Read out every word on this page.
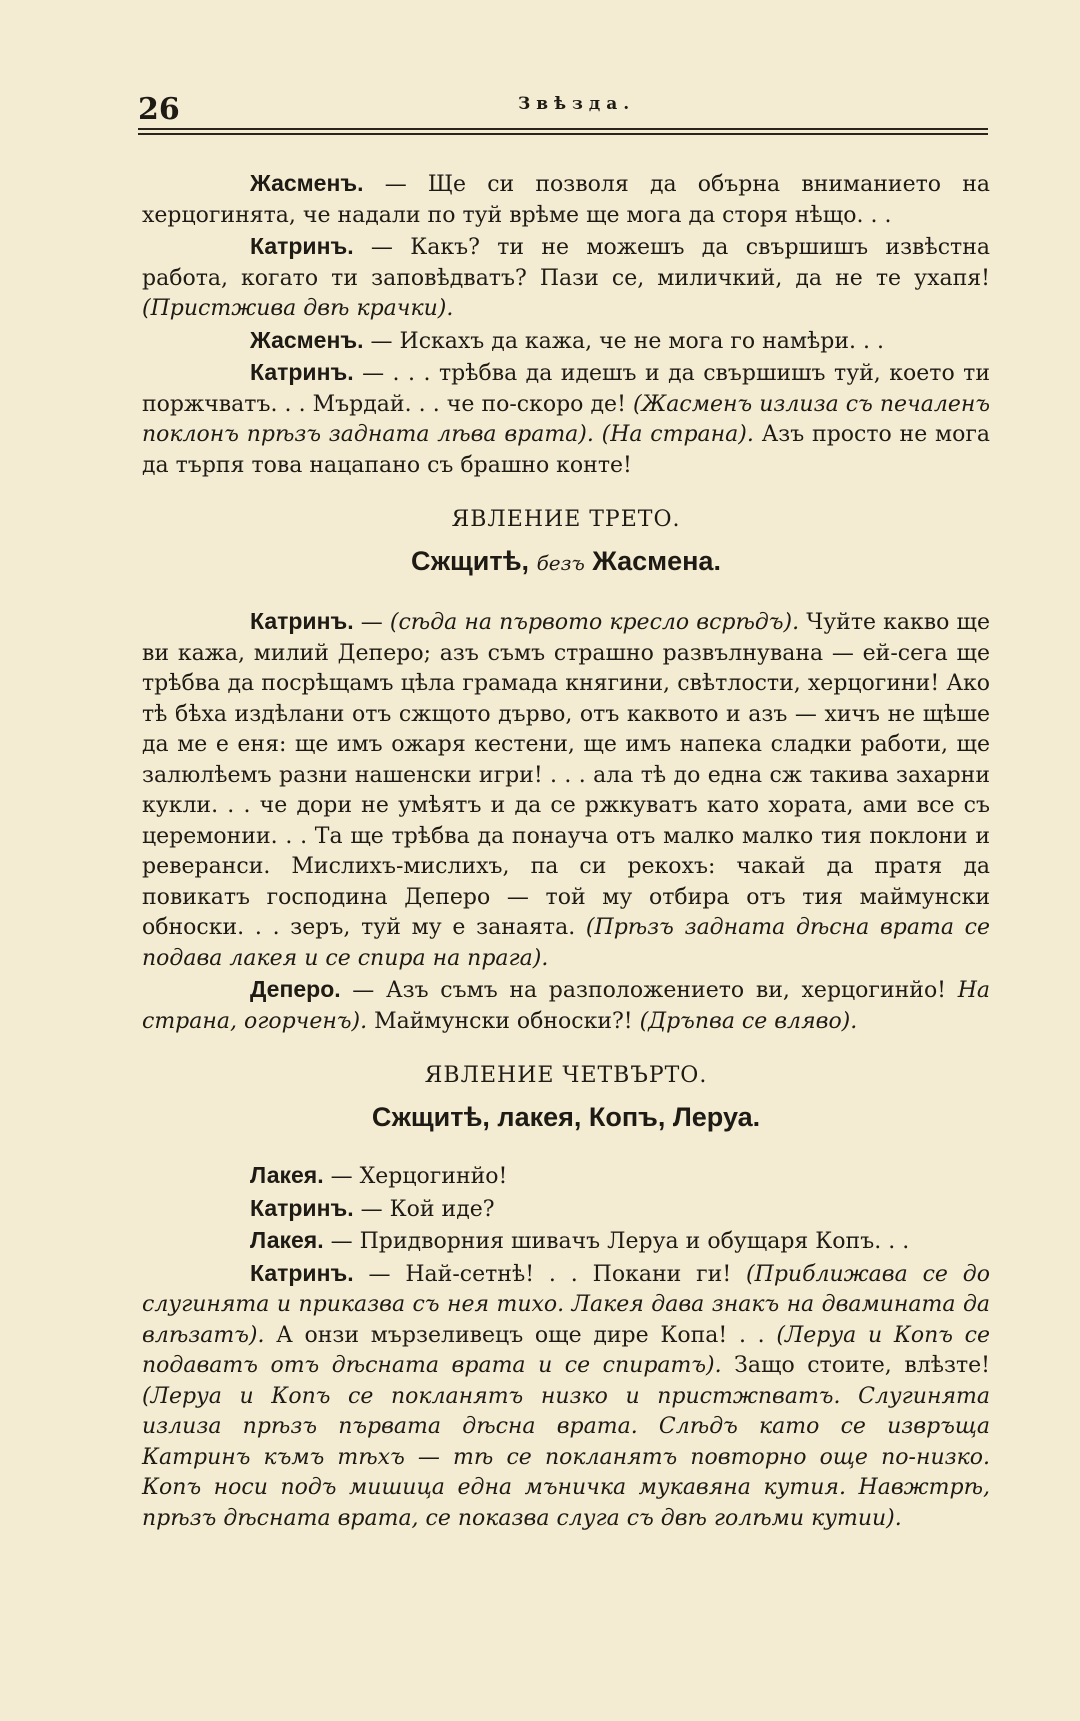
26	Звѣзда.

Жасменъ. — Ще си позволя да обърна вниманието на херцогинята, че надали по туй врѣме ще мога да сторя нѣщо. . .

Катринъ. — Какъ? ти не можешъ да свършишъ извѣстна работа, когато ти заповѣдватъ? Пази се, миличкий, да не те ухапя! (Пристжива двѣ крачки).

Жасменъ. — Искахъ да кажа, че не мога го намѣри. . .

Катринъ. — . . . трѣбва да идешъ и да свършишъ туй, което ти поржчватъ. . . Мърдай. . . че по-скоро де! (Жасменъ излиза съ печаленъ поклонъ прѣзъ задната лѣва врата). (На страна). Азъ просто не мога да търпя това нацапано съ брашно конте!

ЯВЛЕНИЕ ТРЕТО.
Сжщитѣ, безъ Жасмена.

Катринъ. — (сѣда на първото кресло всрѣдъ). Чуйте какво ще ви кажа, милий Деперо; азъ съмъ страшно развълнувана — ей-сега ще трѣбва да посрѣщамъ цѣла грамада княгини, свѣтлости, херцогини! Ако тѣ бѣха издѣлани отъ сжщото дърво, отъ каквото и азъ — хичъ не щѣше да ме е еня: ще имъ ожаря кестени, ще имъ напека сладки работи, ще залюлѣемъ разни нашенски игри! . . . ала тѣ до една сж такива захарни кукли. . . че дори не умѣятъ и да се ржкуватъ като хората, ами все съ церемонии. . . Та ще трѣбва да понауча отъ малко малко тия поклони и реверанси. Мислихъ-мислихъ, па си рекохъ: чакай да пратя да повикатъ господина Деперо — той му отбира отъ тия маймунски обноски. . . зеръ, туй му е занаята. (Прѣзъ задната дѣсна врата се подава лакея и се спира на прага).

Деперо. — Азъ съмъ на разположението ви, херцогинйо! На страна, огорченъ). Маймунски обноски?! (Дръпва се вляво).

ЯВЛЕНИЕ ЧЕТВЪРТО.
Сжщитѣ, лакея, Копъ, Леруа.

Лакея. — Херцогинйо!

Катринъ. — Кой иде?

Лакея. — Придворния шивачъ Леруа и обущаря Копъ. . .

Катринъ. — Най-сетнѣ! . . Покани ги! (Приближава се до слугинята и приказва съ нея тихо. Лакея дава знакъ на двамината да влѣзатъ). А онзи мързеливецъ още дире Копа! . . (Леруа и Копъ се подаватъ отъ дѣсната врата и се спиратъ). Защо стоите, влѣзте! (Леруа и Копъ се покланятъ низко и пристжпватъ. Слугинята излиза прѣзъ първата дѣсна врата. Слѣдъ като се извръща Катринъ къмъ тѣхъ — тѣ се покланятъ повторно още по-низко. Копъ носи подъ мишица една мъничка мукавяна кутия. Навжтрѣ, прѣзъ дѣсната врата, се показва слуга съ двѣ голѣми кутии).
